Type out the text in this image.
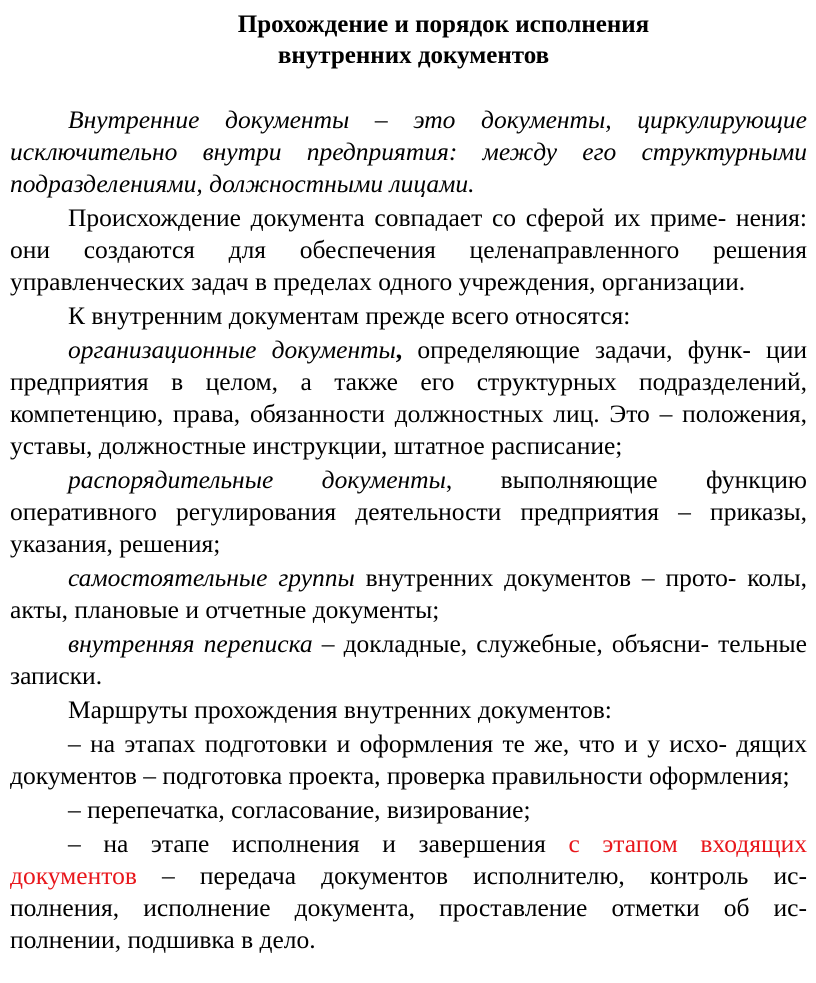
Прохождение и порядок исполнения
внутренних документов

Внутренние документы – это документы, циркулирующие исключительно внутри предприятия: между его структурными подразделениями, должностными лицами.

Происхождение документа совпадает со сферой их приме- нения: они создаются для обеспечения целенаправленного решения управленческих задач в пределах одного учреждения, организации.

К внутренним документам прежде всего относятся:

организационные документы, определяющие задачи, функ- ции предприятия в целом, а также его структурных подразделений, компетенцию, права, обязанности должностных лиц. Это – положения, уставы, должностные инструкции, штатное расписание;

распорядительные документы, выполняющие функцию оперативного регулирования деятельности предприятия – приказы, указания, решения;

самостоятельные группы внутренних документов – прото- колы, акты, плановые и отчетные документы;

внутренняя переписка – докладные, служебные, объясни- тельные записки.

Маршруты прохождения внутренних документов:

– на этапах подготовки и оформления те же, что и у исхо- дящих документов – подготовка проекта, проверка правильности оформления;

– перепечатка, согласование, визирование;

– на этапе исполнения и завершения с этапом входящих документов – передача документов исполнителю, контроль ис- полнения, исполнение документа, проставление отметки об ис- полнении, подшивка в дело.
